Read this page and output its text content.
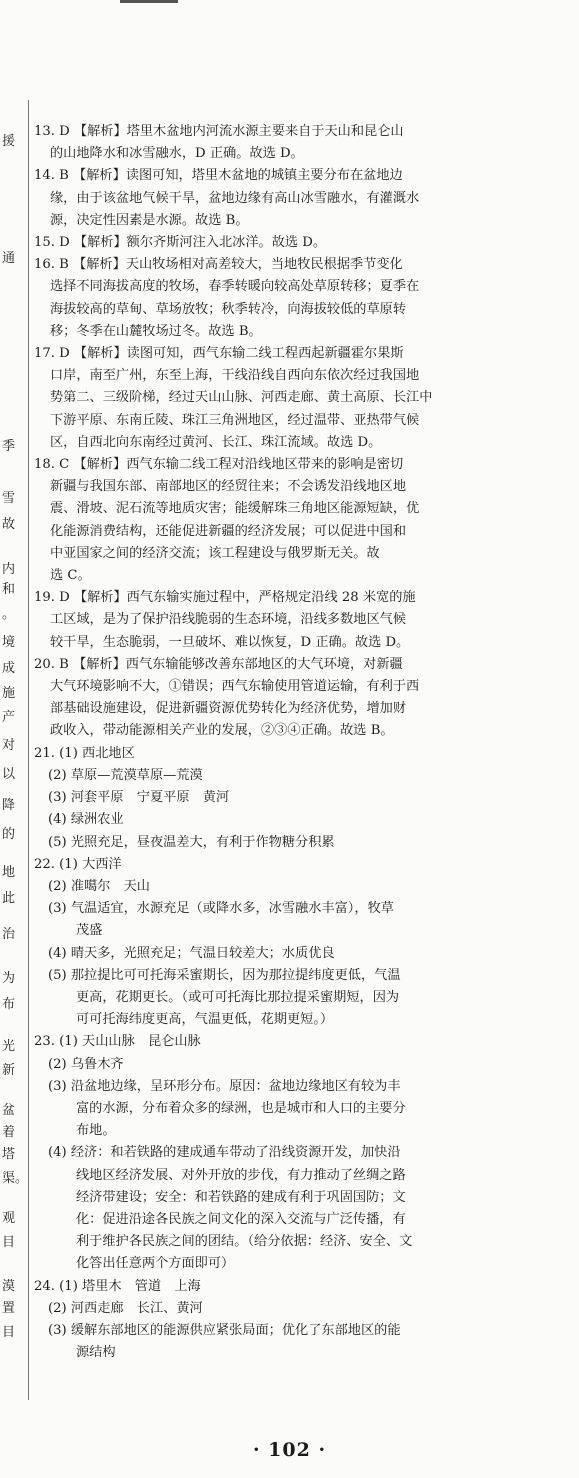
援
通
季
雪
故
内
和
。
境
成
施
产
对
以
降
的
地
此
治
为
布
光
新
盆
着
塔
渠。
观
目
漠
置
目
13. D 【解析】塔里木盆地内河流水源主要来自于天山和昆仑山
的山地降水和冰雪融水，D 正确。故选 D。
14. B 【解析】读图可知，塔里木盆地的城镇主要分布在盆地边
缘，由于该盆地气候干旱，盆地边缘有高山冰雪融水，有灌溉水
源，决定性因素是水源。故选 B。
15. D 【解析】额尔齐斯河注入北冰洋。故选 D。
16. B 【解析】天山牧场相对高差较大，当地牧民根据季节变化
选择不同海拔高度的牧场，春季转暖向较高处草原转移；夏季在
海拔较高的草甸、草场放牧；秋季转冷，向海拔较低的草原转
移；冬季在山麓牧场过冬。故选 B。
17. D 【解析】读图可知，西气东输二线工程西起新疆霍尔果斯
口岸，南至广州，东至上海，干线沿线自西向东依次经过我国地
势第二、三级阶梯，经过天山山脉、河西走廊、黄土高原、长江中
下游平原、东南丘陵、珠江三角洲地区，经过温带、亚热带气候
区，自西北向东南经过黄河、长江、珠江流域。故选 D。
18. C 【解析】西气东输二线工程对沿线地区带来的影响是密切
新疆与我国东部、南部地区的经贸往来；不会诱发沿线地区地
震、滑坡、泥石流等地质灾害；能缓解珠三角地区能源短缺，优
化能源消费结构，还能促进新疆的经济发展；可以促进中国和
中亚国家之间的经济交流；该工程建设与俄罗斯无关。故
选 C。
19. D 【解析】西气东输实施过程中，严格规定沿线 28 米宽的施
工区域，是为了保护沿线脆弱的生态环境，沿线多数地区气候
较干旱，生态脆弱，一旦破坏、难以恢复，D 正确。故选 D。
20. B 【解析】西气东输能够改善东部地区的大气环境，对新疆
大气环境影响不大，①错误；西气东输使用管道运输，有利于西
部基础设施建设，促进新疆资源优势转化为经济优势，增加财
政收入，带动能源相关产业的发展，②③④正确。故选 B。
21. (1) 西北地区
(2) 草原—荒漠草原—荒漠
(3) 河套平原　宁夏平原　黄河
(4) 绿洲农业
(5) 光照充足，昼夜温差大，有利于作物糖分积累
22. (1) 大西洋
(2) 准噶尔　天山
(3) 气温适宜，水源充足（或降水多，冰雪融水丰富），牧草
茂盛
(4) 晴天多，光照充足；气温日较差大；水质优良
(5) 那拉提比可可托海采蜜期长，因为那拉提纬度更低，气温
更高，花期更长。（或可可托海比那拉提采蜜期短，因为
可可托海纬度更高，气温更低，花期更短。）
23. (1) 天山山脉　昆仑山脉
(2) 乌鲁木齐
(3) 沿盆地边缘，呈环形分布。原因：盆地边缘地区有较为丰
富的水源，分布着众多的绿洲，也是城市和人口的主要分
布地。
(4) 经济：和若铁路的建成通车带动了沿线资源开发，加快沿
线地区经济发展、对外开放的步伐，有力推动了丝绸之路
经济带建设；安全：和若铁路的建成有利于巩固国防；文
化：促进沿途各民族之间文化的深入交流与广泛传播，有
利于维护各民族之间的团结。（给分依据：经济、安全、文
化答出任意两个方面即可）
24. (1) 塔里木　管道　上海
(2) 河西走廊　长江、黄河
(3) 缓解东部地区的能源供应紧张局面；优化了东部地区的能
源结构
· 102 ·
